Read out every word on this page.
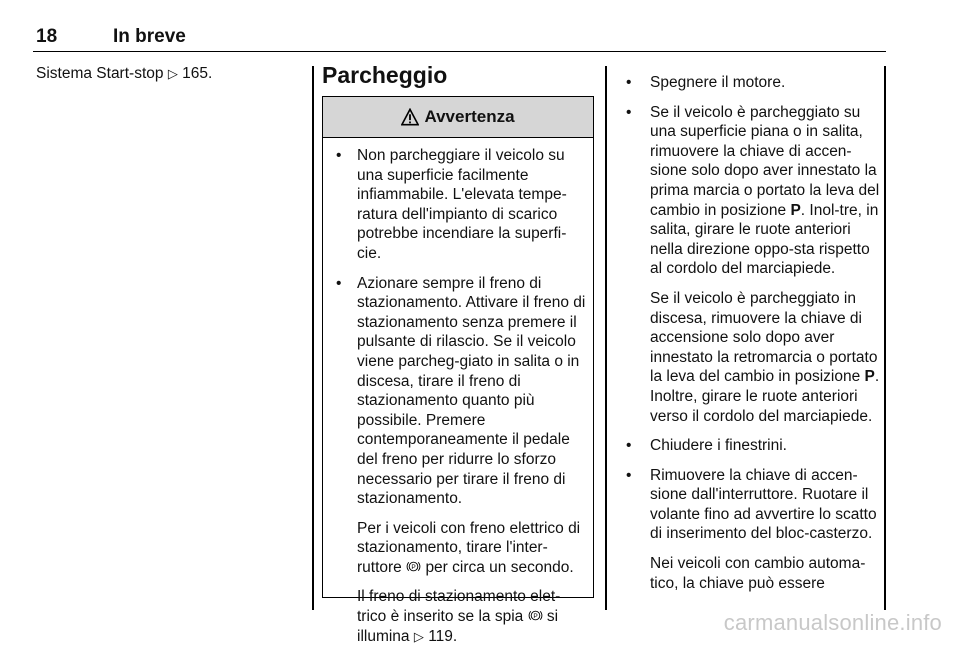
18	In breve
Sistema Start-stop ▷ 165.	Parcheggio
Avvertenza
• Non parcheggiare il veicolo su una superficie facilmente infiammabile. L'elevata tempe-ratura dell'impianto di scarico potrebbe incendiare la superfi-cie.

• Azionare sempre il freno di stazionamento. Attivare il freno di stazionamento senza premere il pulsante di rilascio. Se il veicolo viene parcheg-giato in salita o in discesa, tirare il freno di stazionamento quanto più possibile. Premere contemporaneamente il pedale del freno per ridurre lo sforzo necessario per tirare il freno di stazionamento.

Per i veicoli con freno elettrico di stazionamento, tirare l'inter-ruttore P per circa un secondo.

Il freno di stazionamento elet-trico è inserito se la spia P si illumina ▷ 119.

• Spegnere il motore.

• Se il veicolo è parcheggiato su una superficie piana o in salita, rimuovere la chiave di accen-sione solo dopo aver innestato la prima marcia o portato la leva del cambio in posizione P. Inol-tre, in salita, girare le ruote anteriori nella direzione oppo-sta rispetto al cordolo del marciapiede.

Se il veicolo è parcheggiato in discesa, rimuovere la chiave di accensione solo dopo aver innestato la retromarcia o portato la leva del cambio in posizione P. Inoltre, girare le ruote anteriori verso il cordolo del marciapiede.

• Chiudere i finestrini.

• Rimuovere la chiave di accen-sione dall'interruttore. Ruotare il volante fino ad avvertire lo scatto di inserimento del bloc-casterzo.

Nei veicoli con cambio automa-tico, la chiave può essere

carmanualsonline.info
